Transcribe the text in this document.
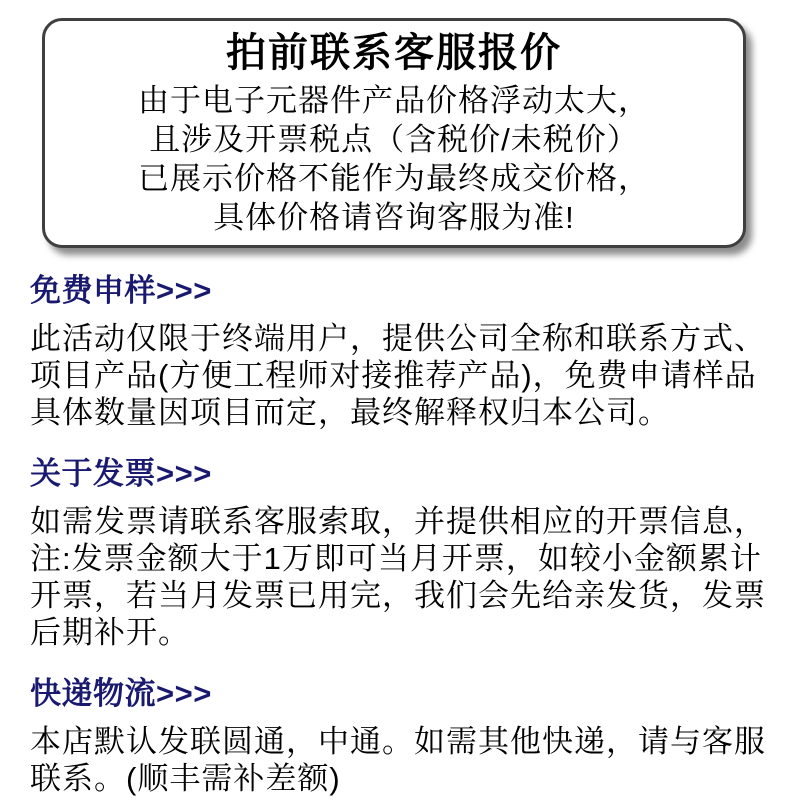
拍前联系客服报价
由于电子元器件产品价格浮动太大，
且涉及开票税点（含税价/未税价）
已展示价格不能作为最终成交价格，
具体价格请咨询客服为准!
免费申样>>>
此活动仅限于终端用户，提供公司全称和联系方式、
项目产品(方便工程师对接推荐产品)，免费申请样品
具体数量因项目而定，最终解释权归本公司。
关于发票>>>
如需发票请联系客服索取，并提供相应的开票信息，
注:发票金额大于1万即可当月开票，如较小金额累计
开票，若当月发票已用完，我们会先给亲发货，发票
后期补开。
快递物流>>>
本店默认发联圆通，中通。如需其他快递，请与客服
联系。(顺丰需补差额)
